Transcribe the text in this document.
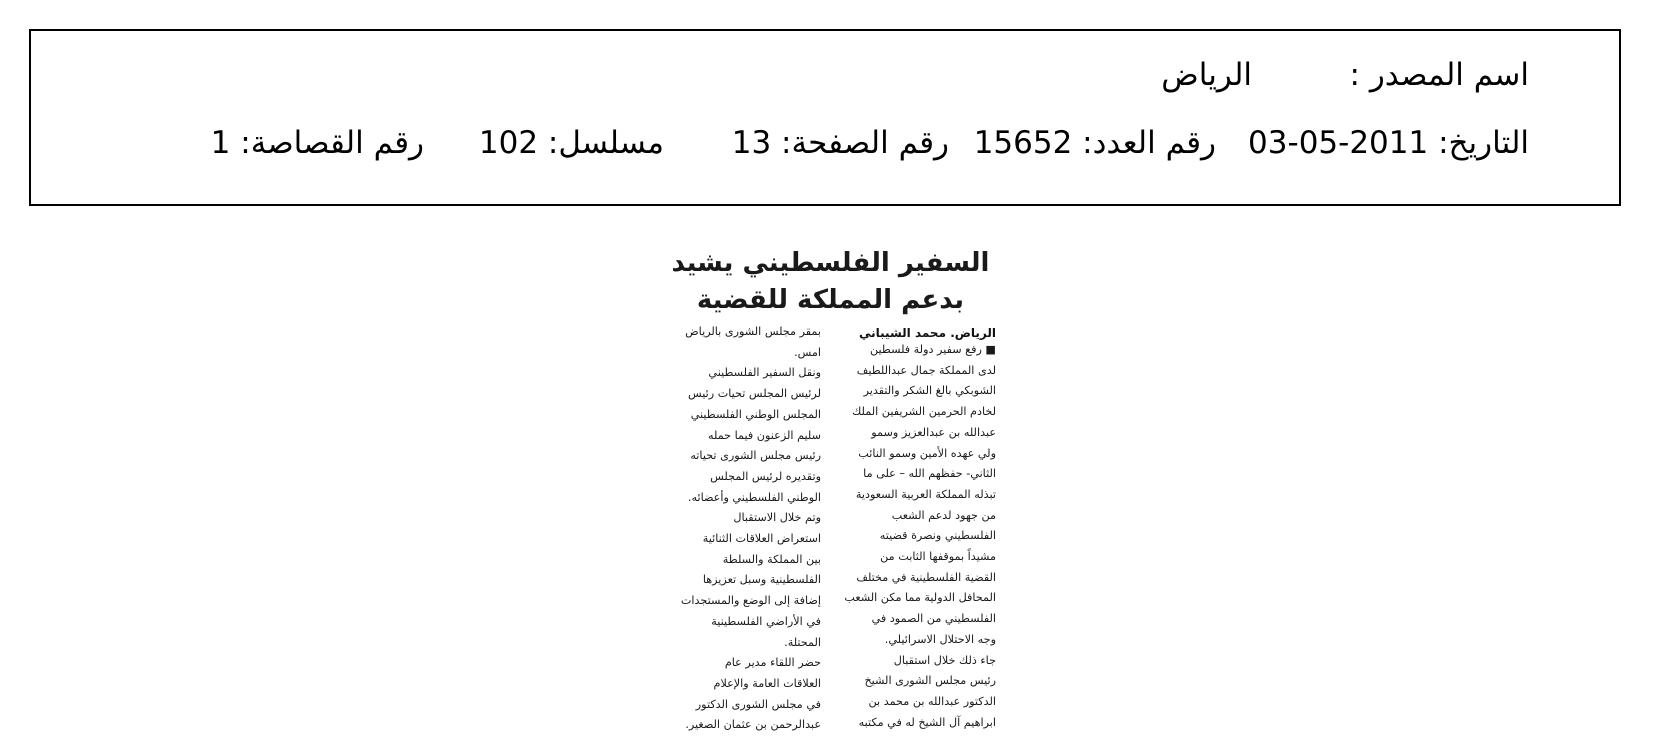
اسم المصدر :
الرياض
التاريخ: 2011-05-03
رقم العدد: 15652
رقم الصفحة: 13
مسلسل: 102
رقم القصاصة: 1
السفير الفلسطيني يشيد
بدعم المملكة للقضية
الرياض. محمد الشيباني
■ رفع سفير دولة فلسطين
لدى المملكة جمال عبداللطيف
الشوبكي بالغ الشكر والتقدير
لخادم الحرمين الشريفين الملك
عبدالله بن عبدالعزيز وسمو
ولي عهده الأمين وسمو النائب
الثاني- حفظهم الله – على ما
تبذله المملكة العربية السعودية
من جهود لدعم الشعب
الفلسطيني ونصرة قضيته
مشيداً بموقفها الثابت من
القضية الفلسطينية في مختلف
المحافل الدولية مما مكن الشعب
الفلسطيني من الصمود في
وجه الاحتلال الاسرائيلي.
جاء ذلك خلال استقبال
رئيس مجلس الشورى الشيخ
الدكتور عبدالله بن محمد بن
ابراهيم آل الشيخ له في مكتبه
بمقر مجلس الشورى بالرياض
امس.
ونقل السفير الفلسطيني
لرئيس المجلس تحيات رئيس
المجلس الوطني الفلسطيني
سليم الزعنون فيما حمله
رئيس مجلس الشورى تحياته
وتقديره لرئيس المجلس
الوطني الفلسطيني وأعضائه.
وتم خلال الاستقبال
استعراض العلاقات الثنائية
بين المملكة والسلطة
الفلسطينية وسبل تعزيزها
إضافة إلى الوضع والمستجدات
في الأراضي الفلسطينية
المحتلة.
حضر اللقاء مدير عام
العلاقات العامة والإعلام
في مجلس الشورى الدكتور
عبدالرحمن بن عثمان الصغير.
